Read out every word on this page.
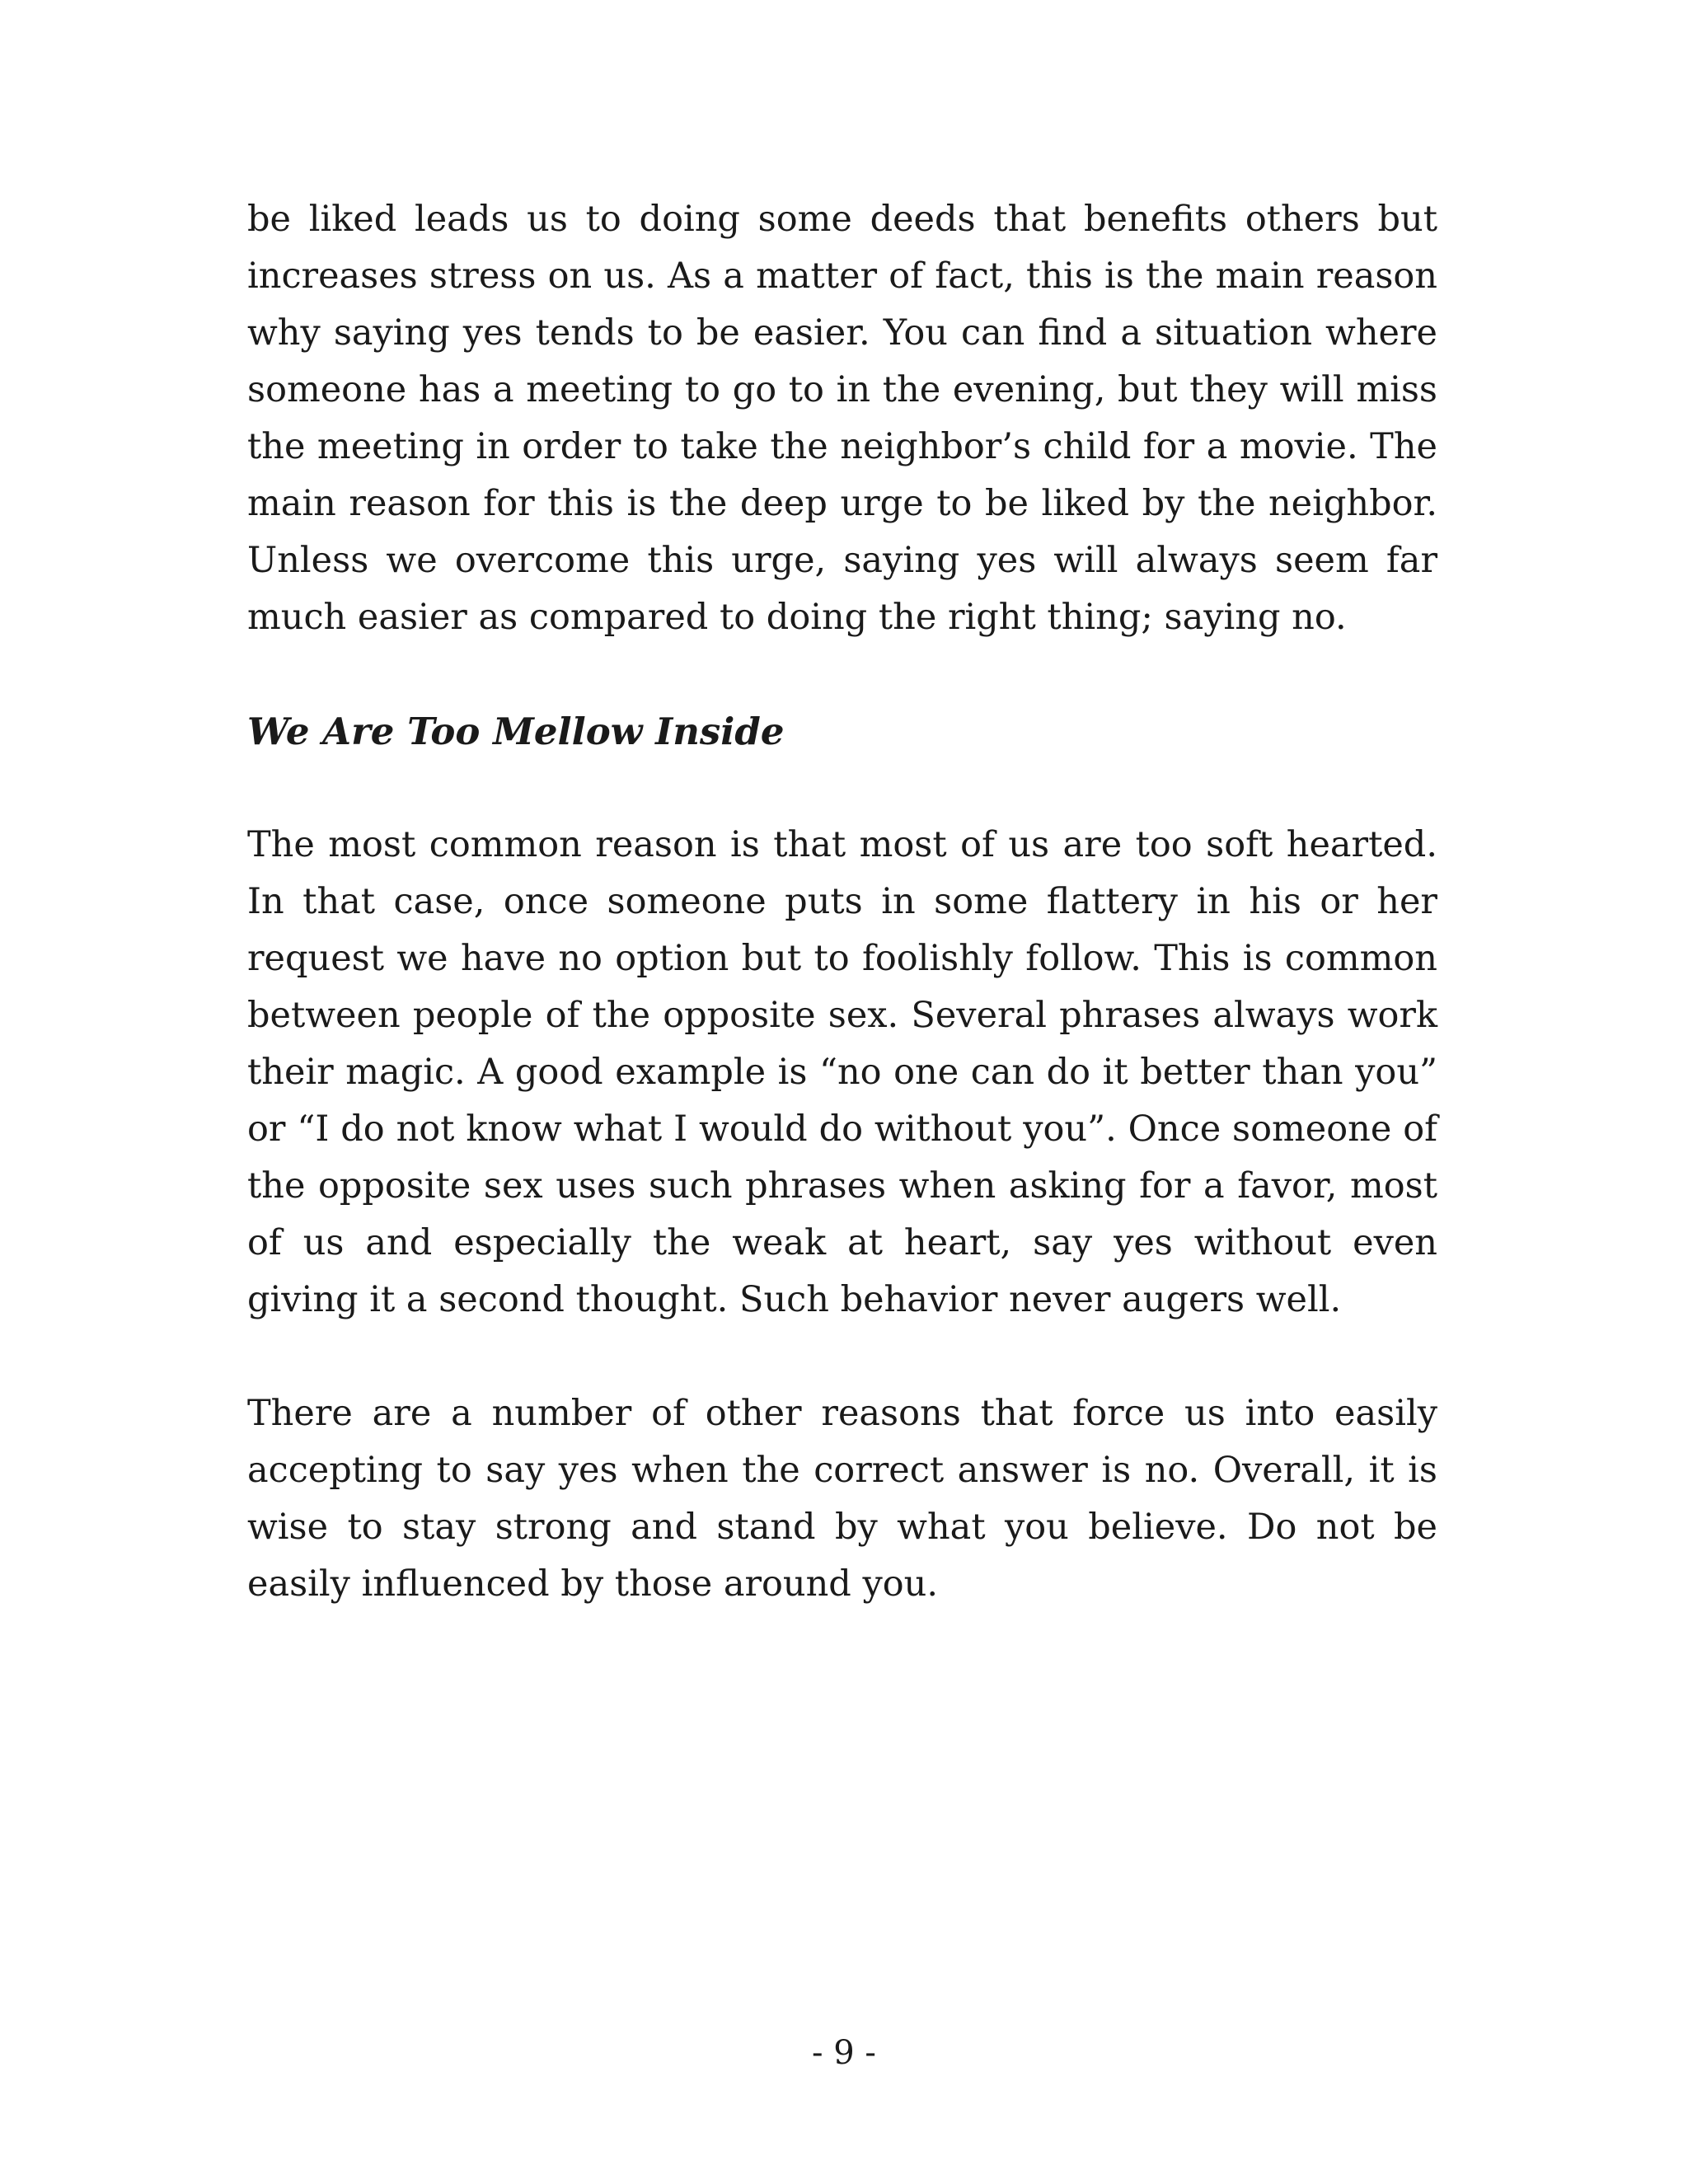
be liked leads us to doing some deeds that benefits others but increases stress on us. As a matter of fact, this is the main reason why saying yes tends to be easier. You can find a situation where someone has a meeting to go to in the evening, but they will miss the meeting in order to take the neighbor’s child for a movie. The main reason for this is the deep urge to be liked by the neighbor. Unless we overcome this urge, saying yes will always seem far much easier as compared to doing the right thing; saying no.

We Are Too Mellow Inside

The most common reason is that most of us are too soft hearted. In that case, once someone puts in some flattery in his or her request we have no option but to foolishly follow. This is common between people of the opposite sex. Several phrases always work their magic. A good example is “no one can do it better than you” or “I do not know what I would do without you”. Once someone of the opposite sex uses such phrases when asking for a favor, most of us and especially the weak at heart, say yes without even giving it a second thought. Such behavior never augers well.

There are a number of other reasons that force us into easily accepting to say yes when the correct answer is no. Overall, it is wise to stay strong and stand by what you believe. Do not be easily influenced by those around you.

- 9 -
